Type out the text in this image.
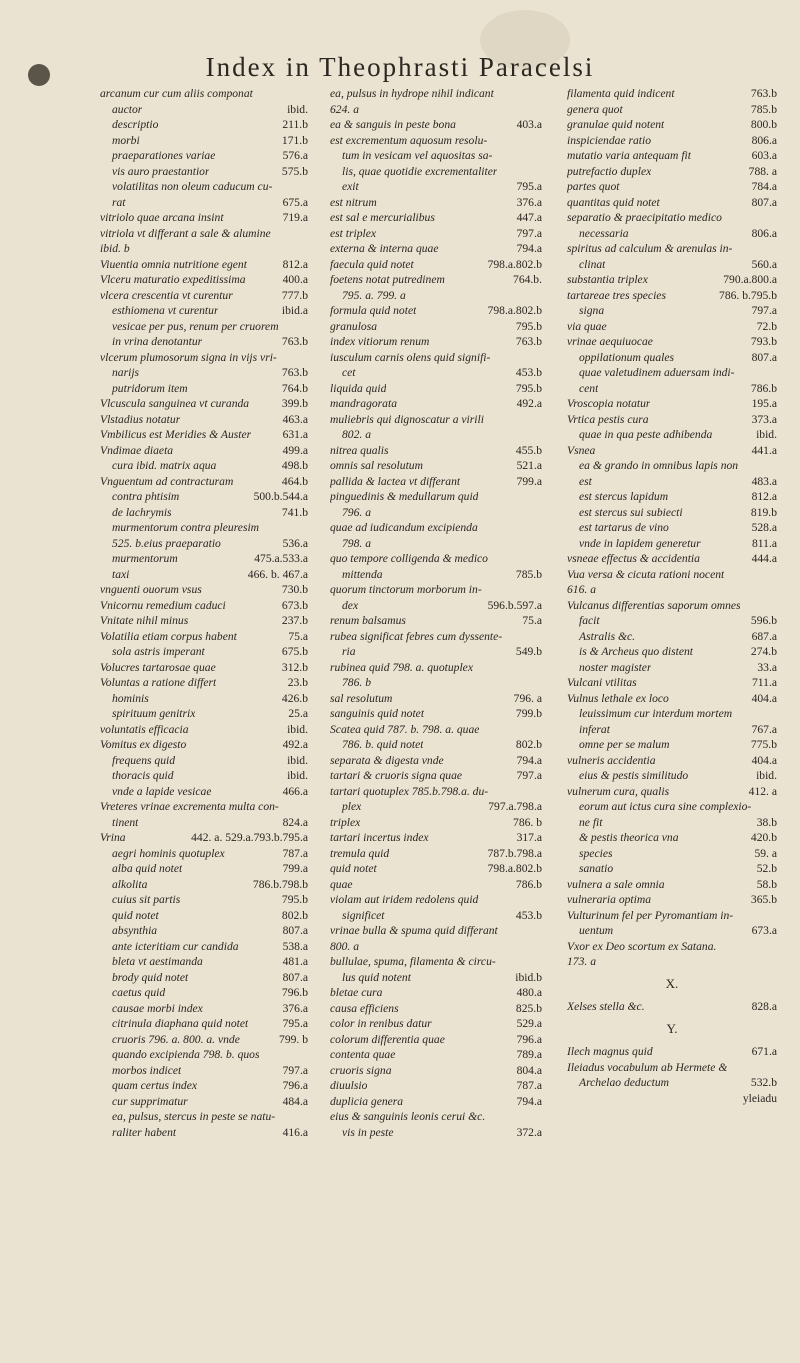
Index in Theophrasti Paracelsi
arcanum cur cum aliis componat
auctor	ibid.
descriptio	211.b
morbi	171.b
praeparationes variae	576.a
vis auro praestantior	575.b
volatilitas non oleum caducum cu-
rat	675.a
vitriolo quae arcana insint	719.a
vitriola vt differant a sale & alumine
ibid. b
Viuentia omnia nutritione egent	812.a
Vlceru maturatio expeditissima	400.a
vlcera crescentia vt curentur	777.b
esthiomena vt curentur	ibid.a
vesicae per pus, renum per cruorem
in vrina denotantur	763.b
vlcerum plumosorum signa in vijs vri-
narijs	763.b
putridorum item	764.b
Vlcuscula sanguinea vt curanda	399.b
Vlstadius notatur	463.a
Vmbilicus est Meridies & Auster	631.a
Vndimae diaeta	499.a
cura ibid. matrix aqua	498.b
Vnguentum ad contracturam	464.b
contra phtisim	500.b.544.a
de lachrymis	741.b
murmentorum contra pleuresim
525. b.eius praeparatio	536.a
murmentorum	475.a.533.a
taxi	466. b. 467.a
vnguenti ouorum vsus	730.b
Vnicornu remedium caduci	673.b
Vnitate nihil minus	237.b
Volatilia etiam corpus habent	75.a
sola astris imperant	675.b
Volucres tartarosae quae	312.b
Voluntas a ratione differt	23.b
hominis	426.b
spirituum genitrix	25.a
voluntatis efficacia	ibid.
Vomitus ex digesto	492.a
frequens quid	ibid.
thoracis quid	ibid.
vnde a lapide vesicae	466.a
Vreteres vrinae excrementa multa con-
tinent	824.a
Vrina	442. a. 529.a.793.b.795.a
aegri hominis quotuplex	787.a
alba quid notet	799.a
alkolita	786.b.798.b
cuius sit partis	795.b
quid notet	802.b
absynthia	807.a
ante icteritiam cur candida	538.a
bleta vt aestimanda	481.a
brody quid notet	807.a
caetus quid	796.b
causae morbi index	376.a
citrinula diaphana quid notet	795.a
cruoris 796. a. 800. a. vnde	799. b
quando excipienda 798. b. quos
morbos indicet	797.a
quam certus index	796.a
cur supprimatur	484.a
ea, pulsus, stercus in peste se natu-
raliter habent	416.a
ea, pulsus in hydrope nihil indicant
624. a
ea & sanguis in peste bona	403.a
est excrementum aquosum resolu-
tum in vesicam vel aquositas sa-
lis, quae quotidie excrementaliter
exit	795.a
est nitrum	376.a
est sal e mercurialibus	447.a
est triplex	797.a
externa & interna quae	794.a
faecula quid notet	798.a.802.b
foetens notat putredinem	764.b.
795. a. 799. a
formula quid notet	798.a.802.b
granulosa	795.b
index vitiorum renum	763.b
iusculum carnis olens quid signifi-
cet	453.b
liquida quid	795.b
mandragorata	492.a
muliebris qui dignoscatur a virili
802. a
nitrea qualis	455.b
omnis sal resolutum	521.a
pallida & lactea vt differant	799.a
pinguedinis & medullarum quid
796. a
quae ad iudicandum excipienda
798. a
quo tempore colligenda & medico
mittenda	785.b
quorum tinctorum morborum in-
dex	596.b.597.a
renum balsamus	75.a
rubea significat febres cum dyssente-
ria	549.b
rubinea quid 798. a. quotuplex
786. b
sal resolutum	796. a
sanguinis quid notet	799.b
Scatea quid 787. b. 798. a. quae
786. b. quid notet	802.b
separata & digesta vnde	794.a
tartari & cruoris signa quae	797.a
tartari quotuplex 785.b.798.a. du-
plex	797.a.798.a
triplex	786. b
tartari incertus index	317.a
tremula quid	787.b.798.a
quid notet	798.a.802.b
quae	786.b
violam aut iridem redolens quid
significet	453.b
vrinae bulla & spuma quid differant
800. a
bullulae, spuma, filamenta & circu-
lus quid notent	ibid.b
bletae cura	480.a
causa efficiens	825.b
color in renibus datur	529.a
colorum differentia quae	796.a
contenta quae	789.a
cruoris signa	804.a
diuulsio	787.a
duplicia genera	794.a
eius & sanguinis leonis cerui &c.
vis in peste	372.a
filamenta quid indicent	763.b
genera quot	785.b
granulae quid notent	800.b
inspiciendae ratio	806.a
mutatio varia antequam fit	603.a
putrefactio duplex	788. a
partes quot	784.a
quantitas quid notet	807.a
separatio & praecipitatio medico
necessaria	806.a
spiritus ad calculum & arenulas in-
clinat	560.a
substantia triplex	790.a.800.a
tartareae tres species	786. b.795.b
signa	797.a
via quae	72.b
vrinae aequiuocae	793.b
oppilationum quales	807.a
quae valetudinem aduersam indi-
cent	786.b
Vroscopia notatur	195.a
Vrtica pestis cura	373.a
quae in qua peste adhibenda	ibid.
Vsnea	441.a
ea & grando in omnibus lapis non
est	483.a
est stercus lapidum	812.a
est stercus sui subiecti	819.b
est tartarus de vino	528.a
vnde in lapidem generetur	811.a
vsneae effectus & accidentia	444.a
Vua versa & cicuta rationi nocent
616. a
Vulcanus differentias saporum omnes
facit	596.b
Astralis &c.	687.a
is & Archeus quo distent	274.b
noster magister	33.a
Vulcani vtilitas	711.a
Vulnus lethale ex loco	404.a
leuissimum cur interdum mortem
inferat	767.a
omne per se malum	775.b
vulneris accidentia	404.a
eius & pestis similitudo	ibid.
vulnerum cura, qualis	412. a
eorum aut ictus cura sine complexio-
ne fit	38.b
& pestis theorica vna	420.b
species	59. a
sanatio	52.b
vulnera a sale omnia	58.b
vulneraria optima	365.b
Vulturinum fel per Pyromantiam in-
uentum	673.a
Vxor ex Deo scortum ex Satana.
173. a
X.
Xelses stella &c.	828.a
Y.
Ilech magnus quid	671.a
Ileiadus vocabulum ab Hermete &
Archelao deductum	532.b
yleiadu
